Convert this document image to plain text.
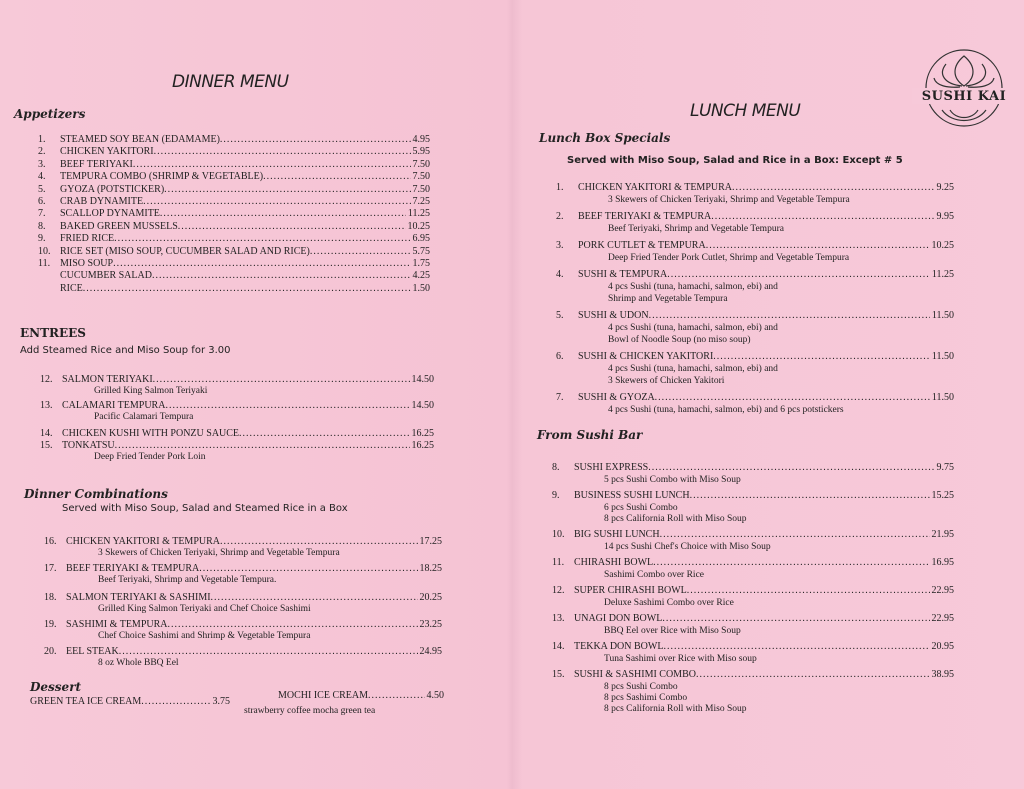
DINNER MENU
Appetizers
1.	STEAMED SOY BEAN (EDAMAME) .....	4.95
2.	CHICKEN YAKITORI .....	5.95
3.	BEEF TERIYAKI .....	7.50
4.	TEMPURA COMBO (SHRIMP & VEGETABLE) .....	7.50
5.	GYOZA (POTSTICKER) .....	7.50
6.	CRAB DYNAMITE .....	7.25
7.	SCALLOP DYNAMITE .....	11.25
8.	BAKED GREEN MUSSELS .....	10.25
9.	FRIED RICE .....	6.95
10. RICE SET (MISO SOUP, CUCUMBER SALAD AND RICE) .....	5.75
11. MISO SOUP .....	1.75
CUCUMBER SALAD .....	4.25
RICE .....	1.50
ENTREES
Add Steamed Rice and Miso Soup for 3.00
12. SALMON TERIYAKI .....	14.50
Grilled King Salmon Teriyaki
13. CALAMARI TEMPURA .....	14.50
Pacific Calamari Tempura
14. CHICKEN KUSHI WITH PONZU SAUCE .....	16.25
15. TONKATSU .....	16.25
Deep Fried Tender Pork Loin
Dinner Combinations
Served with Miso Soup, Salad and Steamed Rice in a Box
16. CHICKEN YAKITORI & TEMPURA .....	17.25
3 Skewers of Chicken Teriyaki, Shrimp and Vegetable Tempura
17. BEEF TERIYAKI & TEMPURA .....	18.25
Beef Teriyaki, Shrimp and Vegetable Tempura.
18. SALMON TERIYAKI & SASHIMI .....	20.25
Grilled King Salmon Teriyaki and Chef Choice Sashimi
19. SASHIMI & TEMPURA .....	23.25
Chef Choice Sashimi and Shrimp & Vegetable Tempura
20. EEL STEAK .....	24.95
8 oz Whole BBQ Eel
Dessert
GREEN TEA ICE CREAM .....	3.75
MOCHI ICE CREAM .....	4.50
strawberry coffee mocha green tea
LUNCH MENU
Lunch Box Specials
Served with Miso Soup, Salad and Rice in a Box: Except # 5
1.	CHICKEN YAKITORI & TEMPURA .....	9.25
3 Skewers of Chicken Teriyaki, Shrimp and Vegetable Tempura
2.	BEEF TERIYAKI & TEMPURA .....	9.95
Beef Teriyaki, Shrimp and Vegetable Tempura
3.	PORK CUTLET & TEMPURA .....	10.25
Deep Fried Tender Pork Cutlet, Shrimp and Vegetable Tempura
4.	SUSHI & TEMPURA .....	11.25
4 pcs Sushi (tuna, hamachi, salmon, ebi) and
Shrimp and Vegetable Tempura
5.	SUSHI & UDON .....	11.50
4 pcs Sushi (tuna, hamachi, salmon, ebi) and
Bowl of Noodle Soup (no miso soup)
6.	SUSHI & CHICKEN YAKITORI .....	11.50
4 pcs Sushi (tuna, hamachi, salmon, ebi) and
3 Skewers of Chicken Yakitori
7.	SUSHI & GYOZA .....	11.50
4 pcs Sushi (tuna, hamachi, salmon, ebi) and 6 pcs potstickers
From Sushi Bar
8.	SUSHI EXPRESS .....	9.75
5 pcs Sushi Combo with Miso Soup
9.	BUSINESS SUSHI LUNCH .....	15.25
6 pcs Sushi Combo
8 pcs California Roll with Miso Soup
10. BIG SUSHI LUNCH .....	21.95
14 pcs Sushi Chef's Choice with Miso Soup
11. CHIRASHI BOWL .....	16.95
Sashimi Combo over Rice
12. SUPER CHIRASHI BOWL .....	22.95
Deluxe Sashimi Combo over Rice
13. UNAGI DON BOWL .....	22.95
BBQ Eel over Rice with Miso Soup
14. TEKKA DON BOWL .....	20.95
Tuna Sashimi over Rice with Miso soup
15. SUSHI & SASHIMI COMBO .....	38.95
8 pcs Sushi Combo
8 pcs Sashimi Combo
8 pcs California Roll with Miso Soup
SUSHI KAI
